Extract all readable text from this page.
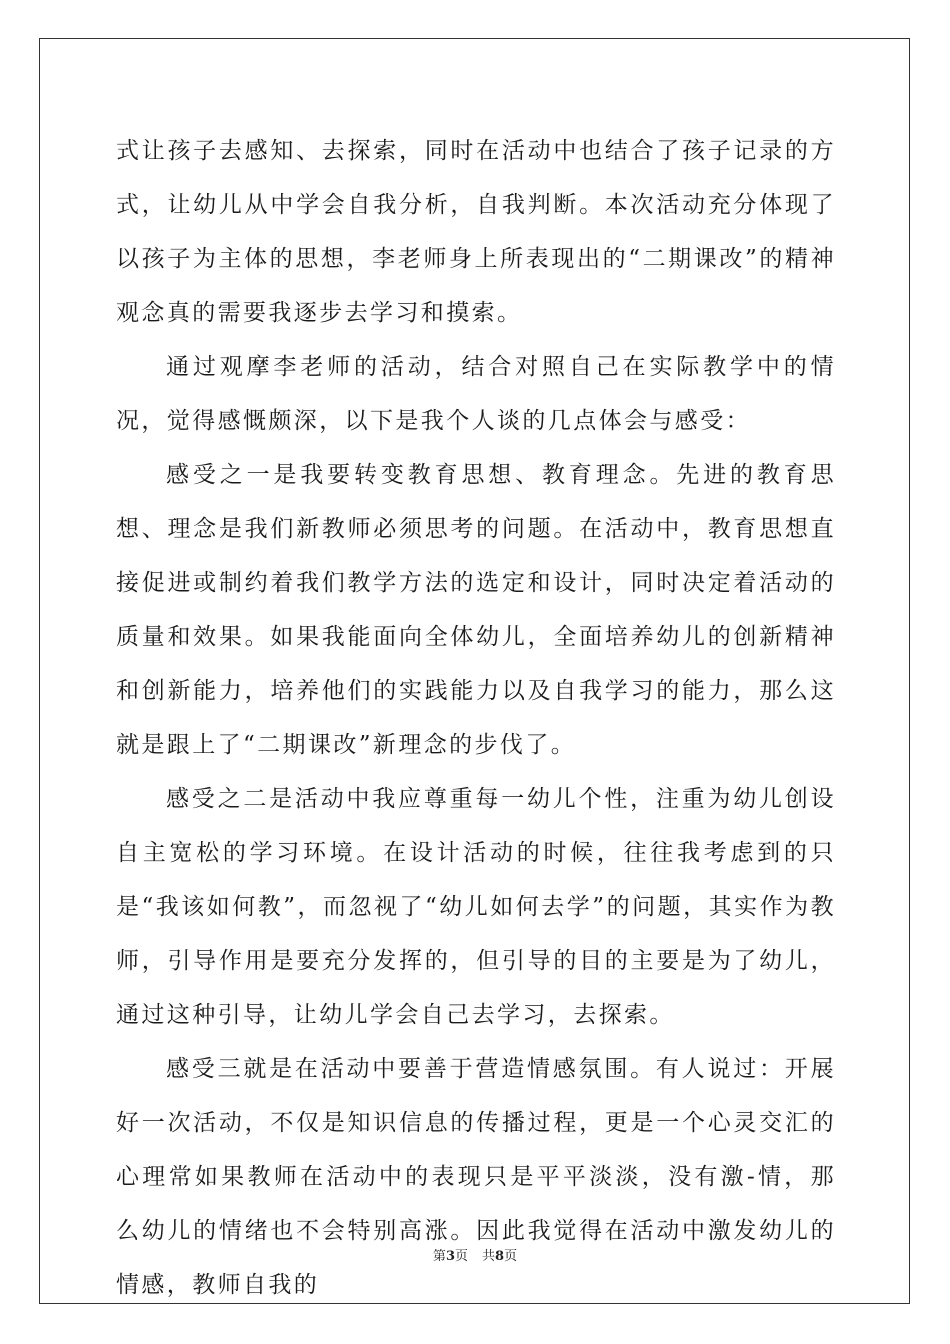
式让孩子去感知、去探索，同时在活动中也结合了孩子记录的方式，让幼儿从中学会自我分析，自我判断。本次活动充分体现了以孩子为主体的思想，李老师身上所表现出的“二期课改”的精神观念真的需要我逐步去学习和摸索。

通过观摩李老师的活动，结合对照自己在实际教学中的情况，觉得感慨颇深，以下是我个人谈的几点体会与感受：

感受之一是我要转变教育思想、教育理念。先进的教育思想、理念是我们新教师必须思考的问题。在活动中，教育思想直接促进或制约着我们教学方法的选定和设计，同时决定着活动的质量和效果。如果我能面向全体幼儿，全面培养幼儿的创新精神和创新能力，培养他们的实践能力以及自我学习的能力，那么这就是跟上了“二期课改”新理念的步伐了。

感受之二是活动中我应尊重每一幼儿个性，注重为幼儿创设自主宽松的学习环境。在设计活动的时候，往往我考虑到的只是“我该如何教”，而忽视了“幼儿如何去学”的问题，其实作为教师，引导作用是要充分发挥的，但引导的目的主要是为了幼儿，通过这种引导，让幼儿学会自己去学习，去探索。

感受三就是在活动中要善于营造情感氛围。有人说过：开展好一次活动，不仅是知识信息的传播过程，更是一个心灵交汇的心理常如果教师在活动中的表现只是平平淡淡，没有激-情，那么幼儿的情绪也不会特别高涨。因此我觉得在活动中激发幼儿的情感，教师自我的

第3页 共8页
